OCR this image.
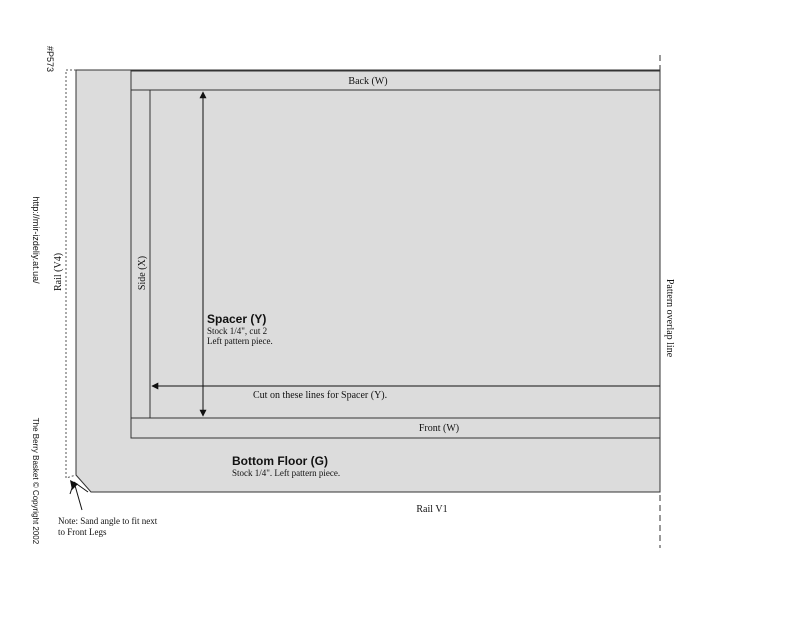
Back (W)
Front (W)
Side (X)
Rail (V4)
Rail V1
Pattern overlap line
Cut on these lines for Spacer (Y).
Spacer (Y)
Stock 1/4", cut 2
Left pattern piece.
Bottom Floor (G)
Stock 1/4". Left pattern piece.
Note: Sand angle to fit next
to Front Legs
#P573
http://mir-izdeliy.at.ua/
The Berry Basket © Copyright 2002
